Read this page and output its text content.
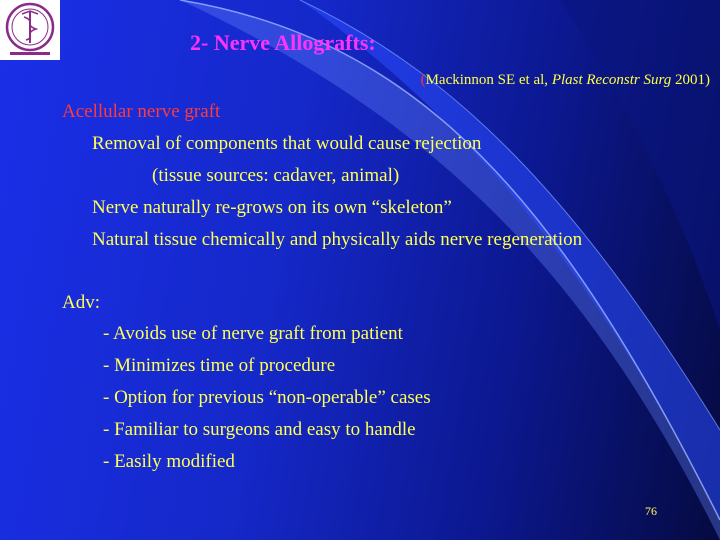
2- Nerve Allografts:
(Mackinnon SE et al, Plast Reconstr Surg 2001)
Acellular nerve graft
Removal of components that would cause rejection
(tissue sources: cadaver, animal)
Nerve naturally re-grows on its own “skeleton”
Natural tissue chemically and physically aids nerve regeneration
Adv:
- Avoids use of nerve graft from patient
- Minimizes time of procedure
- Option for previous “non-operable” cases
- Familiar to surgeons and easy to handle
- Easily modified
76
